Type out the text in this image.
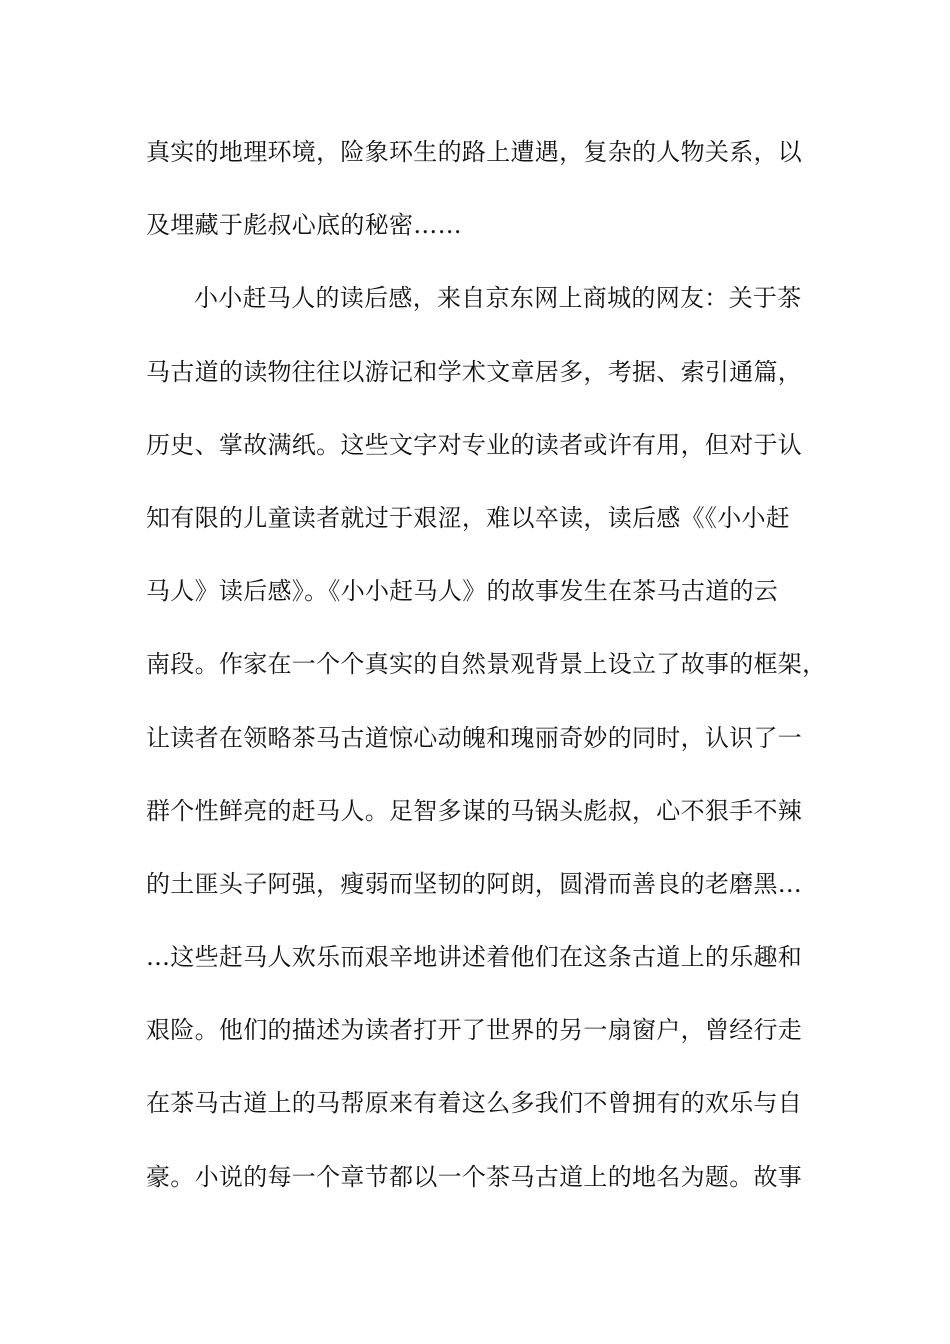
真实的地理环境，险象环生的路上遭遇，复杂的人物关系，以
及埋藏于彪叔心底的秘密……
小小赶马人的读后感，来自京东网上商城的网友：关于茶
马古道的读物往往以游记和学术文章居多，考据、索引通篇，
历史、掌故满纸。这些文字对专业的读者或许有用，但对于认
知有限的儿童读者就过于艰涩，难以卒读，读后感《《小小赶
马人》读后感》。《小小赶马人》的故事发生在茶马古道的云
南段。作家在一个个真实的自然景观背景上设立了故事的框架，
让读者在领略茶马古道惊心动魄和瑰丽奇妙的同时，认识了一
群个性鲜亮的赶马人。足智多谋的马锅头彪叔，心不狠手不辣
的土匪头子阿强，瘦弱而坚韧的阿朗，圆滑而善良的老磨黑…
…这些赶马人欢乐而艰辛地讲述着他们在这条古道上的乐趣和
艰险。他们的描述为读者打开了世界的另一扇窗户，曾经行走
在茶马古道上的马帮原来有着这么多我们不曾拥有的欢乐与自
豪。小说的每一个章节都以一个茶马古道上的地名为题。故事
